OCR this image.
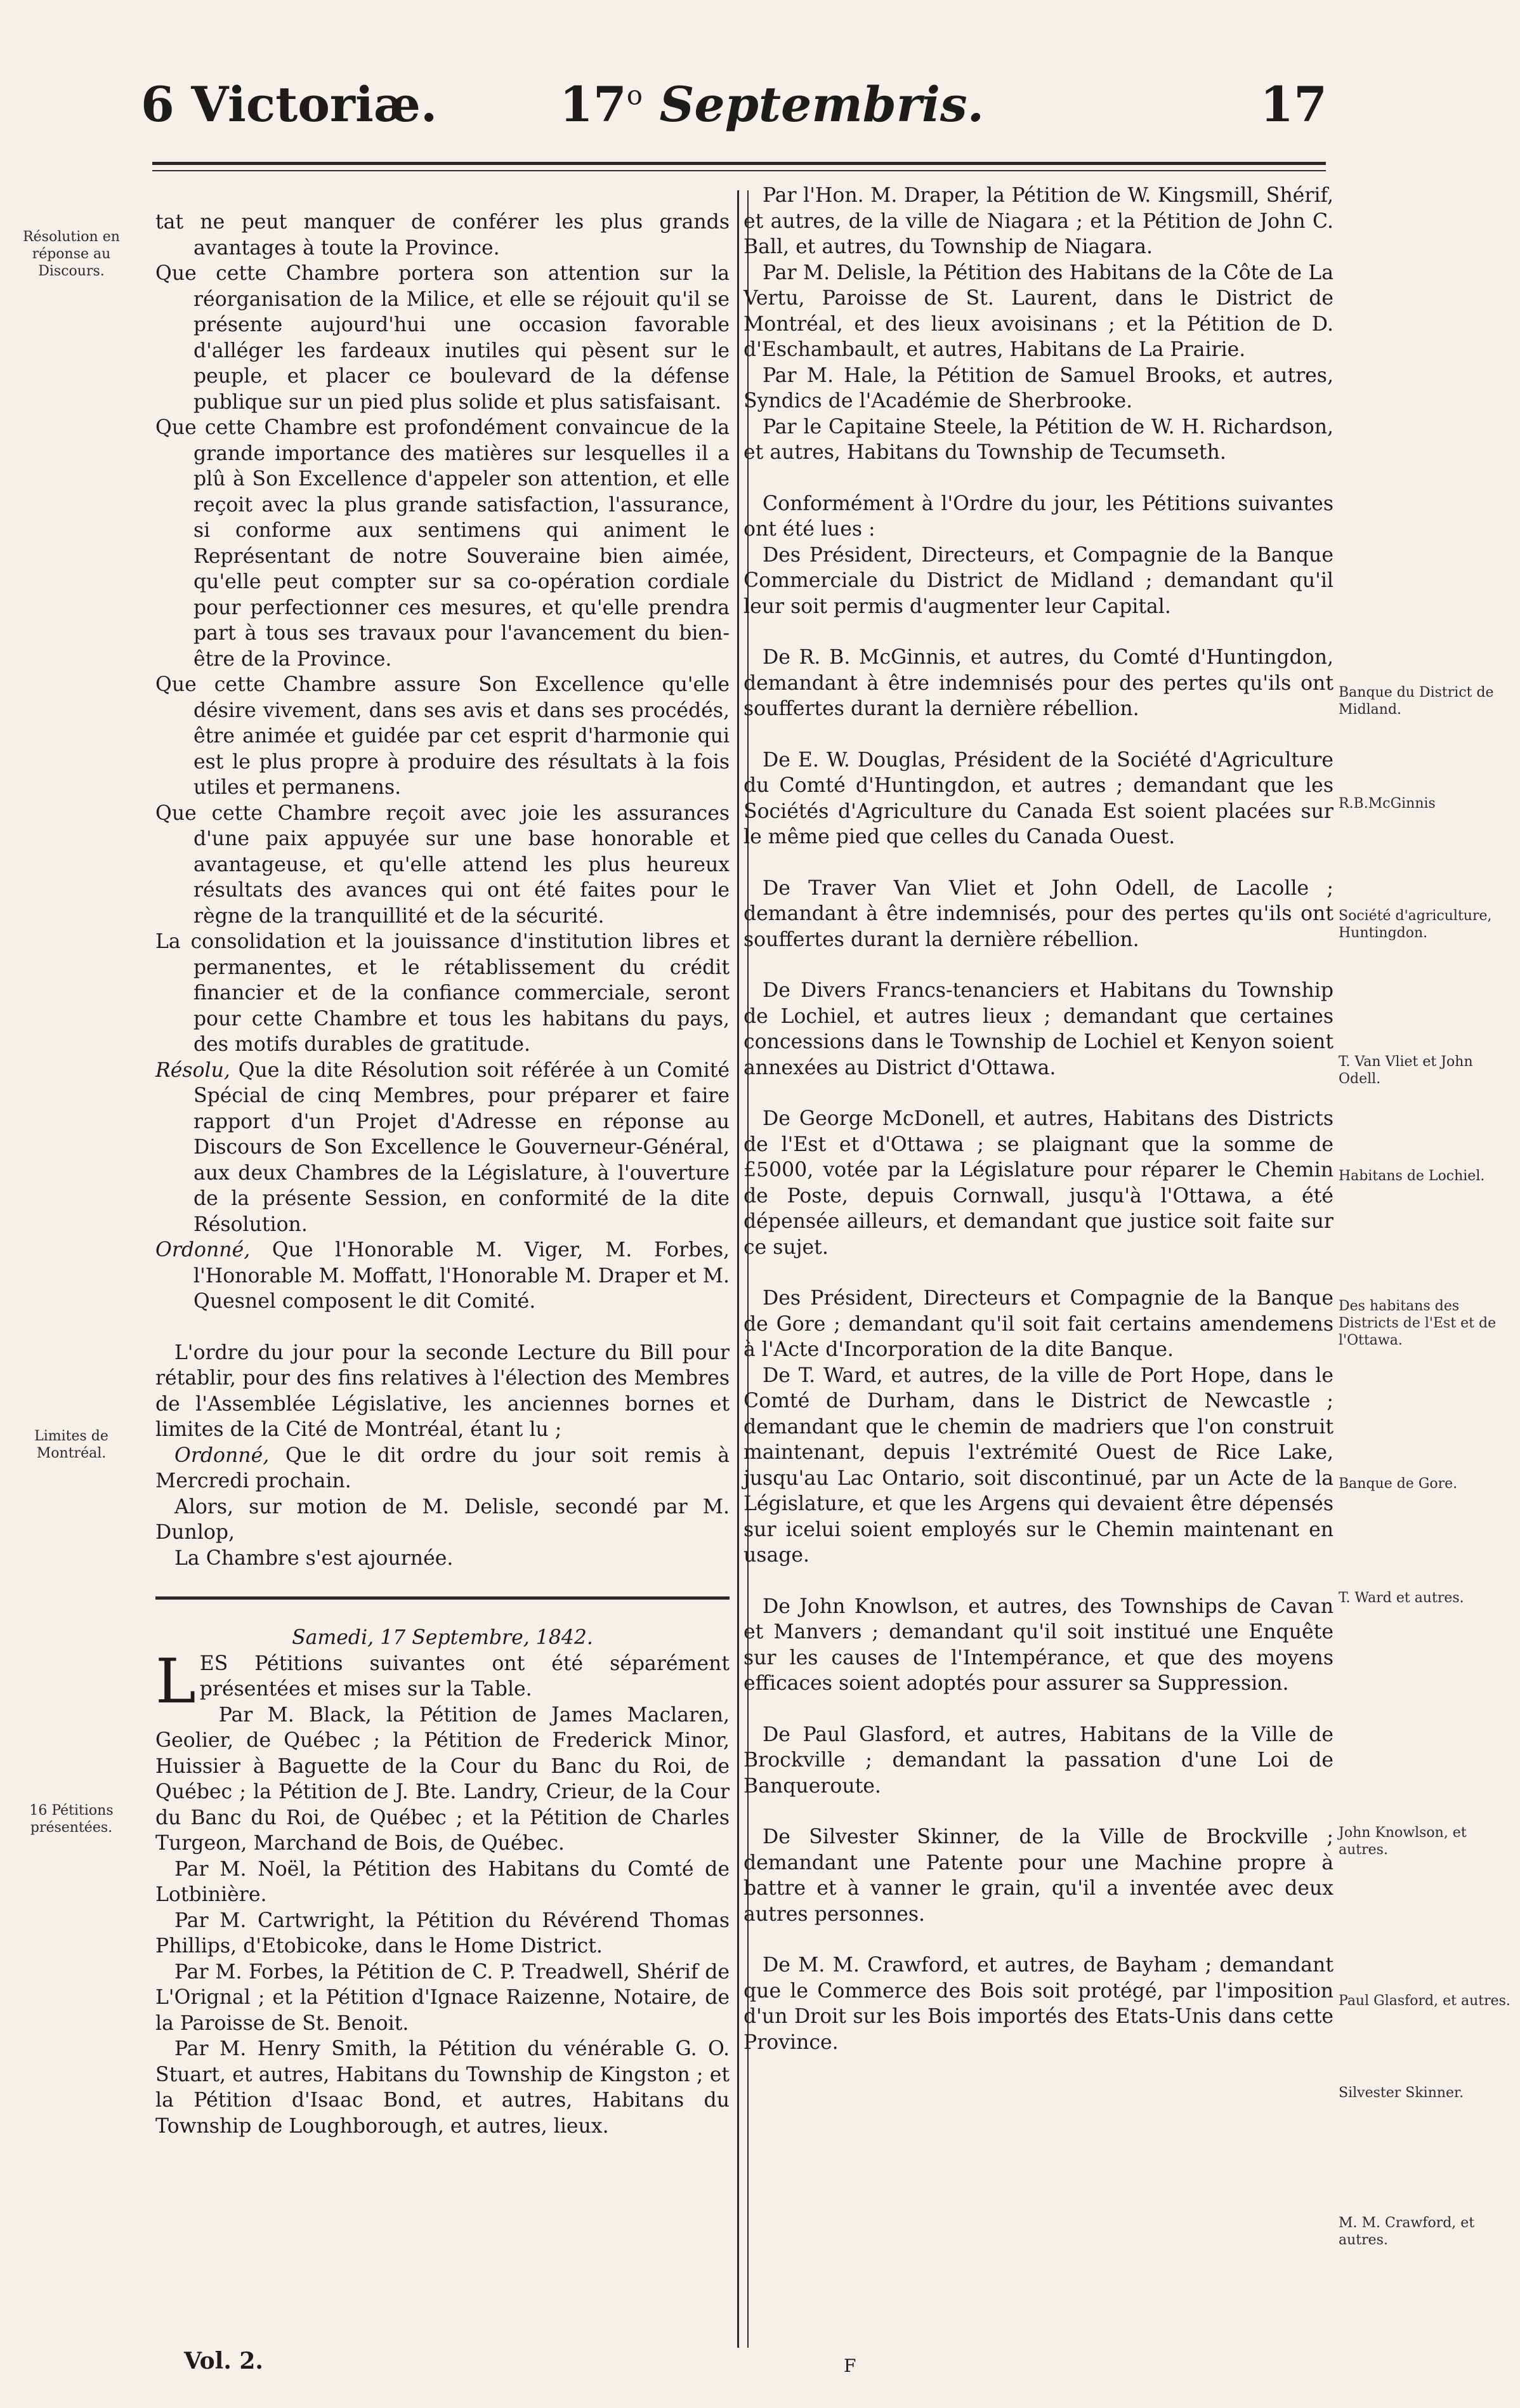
6 Victoriæ.	17$^o$ Septembris.	17
Résolution en réponse au Discours.
Limites de Montréal.
16 Pétitions présentées.
Banque du District de Midland.
R.B.McGinnis
Société d'agriculture, Huntingdon.
T. Van Vliet et John Odell.
Habitans de Lochiel.
Des habitans des Districts de l'Est et de l'Ottawa.
Banque de Gore.
T. Ward et autres.
John Knowlson, et autres.
Paul Glasford, et autres.
Silvester Skinner.
M. M. Crawford, et autres.

tat ne peut manquer de conférer les plus grands avantages à toute la Province.

Que cette Chambre portera son attention sur la réorganisation de la Milice, et elle se réjouit qu'il se présente aujourd'hui une occasion favorable d'alléger les fardeaux inutiles qui pèsent sur le peuple, et placer ce boulevard de la défense publique sur un pied plus solide et plus satisfaisant.

Que cette Chambre est profondément convaincue de la grande importance des matières sur lesquelles il a plû à Son Excellence d'appeler son attention, et elle reçoit avec la plus grande satisfaction, l'assurance, si conforme aux sentimens qui animent le Représentant de notre Souveraine bien aimée, qu'elle peut compter sur sa co-opération cordiale pour perfectionner ces mesures, et qu'elle prendra part à tous ses travaux pour l'avancement du bien-être de la Province.

Que cette Chambre assure Son Excellence qu'elle désire vivement, dans ses avis et dans ses procédés, être animée et guidée par cet esprit d'harmonie qui est le plus propre à produire des résultats à la fois utiles et permanens.

Que cette Chambre reçoit avec joie les assurances d'une paix appuyée sur une base honorable et avantageuse, et qu'elle attend les plus heureux résultats des avances qui ont été faites pour le règne de la tranquillité et de la sécurité.

La consolidation et la jouissance d'institution libres et permanentes, et le rétablissement du crédit financier et de la confiance commerciale, seront pour cette Chambre et tous les habitans du pays, des motifs durables de gratitude.

Résolu, Que la dite Résolution soit référée à un Comité Spécial de cinq Membres, pour préparer et faire rapport d'un Projet d'Adresse en réponse au Discours de Son Excellence le Gouverneur-Général, aux deux Chambres de la Législature, à l'ouverture de la présente Session, en conformité de la dite Résolution.

Ordonné, Que l'Honorable M. Viger, M. Forbes, l'Honorable M. Moffatt, l'Honorable M. Draper et M. Quesnel composent le dit Comité.

L'ordre du jour pour la seconde Lecture du Bill pour rétablir, pour des fins relatives à l'élection des Membres de l'Assemblée Législative, les anciennes bornes et limites de la Cité de Montréal, étant lu ;

Ordonné, Que le dit ordre du jour soit remis à Mercredi prochain.

Alors, sur motion de M. Delisle, secondé par M. Dunlop,

La Chambre s'est ajournée.

Samedi, 17 Septembre, 1842.

LES Pétitions suivantes ont été séparément présentées et mises sur la Table.

Par M. Black, la Pétition de James Maclaren, Geolier, de Québec ; la Pétition de Frederick Minor, Huissier à Baguette de la Cour du Banc du Roi, de Québec ; la Pétition de J. Bte. Landry, Crieur, de la Cour du Banc du Roi, de Québec ; et la Pétition de Charles Turgeon, Marchand de Bois, de Québec.

Par M. Noël, la Pétition des Habitans du Comté de Lotbinière.

Par M. Cartwright, la Pétition du Révérend Thomas Phillips, d'Etobicoke, dans le Home District.

Par M. Forbes, la Pétition de C. P. Treadwell, Shérif de L'Orignal ; et la Pétition d'Ignace Raizenne, Notaire, de la Paroisse de St. Benoit.

Par M. Henry Smith, la Pétition du vénérable G. O. Stuart, et autres, Habitans du Township de Kingston ; et la Pétition d'Isaac Bond, et autres, Habitans du Township de Loughborough, et autres, lieux.

Par l'Hon. M. Draper, la Pétition de W. Kingsmill, Shérif, et autres, de la ville de Niagara ; et la Pétition de John C. Ball, et autres, du Township de Niagara.

Par M. Delisle, la Pétition des Habitans de la Côte de La Vertu, Paroisse de St. Laurent, dans le District de Montréal, et des lieux avoisinans ; et la Pétition de D. d'Eschambault, et autres, Habitans de La Prairie.

Par M. Hale, la Pétition de Samuel Brooks, et autres, Syndics de l'Académie de Sherbrooke.

Par le Capitaine Steele, la Pétition de W. H. Richardson, et autres, Habitans du Township de Tecumseth.

Conformément à l'Ordre du jour, les Pétitions suivantes ont été lues :

Des Président, Directeurs, et Compagnie de la Banque Commerciale du District de Midland ; demandant qu'il leur soit permis d'augmenter leur Capital.

De R. B. McGinnis, et autres, du Comté d'Huntingdon, demandant à être indemnisés pour des pertes qu'ils ont souffertes durant la dernière rébellion.

De E. W. Douglas, Président de la Société d'Agriculture du Comté d'Huntingdon, et autres ; demandant que les Sociétés d'Agriculture du Canada Est soient placées sur le même pied que celles du Canada Ouest.

De Traver Van Vliet et John Odell, de Lacolle ; demandant à être indemnisés, pour des pertes qu'ils ont souffertes durant la dernière rébellion.

De Divers Francs-tenanciers et Habitans du Township de Lochiel, et autres lieux ; demandant que certaines concessions dans le Township de Lochiel et Kenyon soient annexées au District d'Ottawa.

De George McDonell, et autres, Habitans des Districts de l'Est et d'Ottawa ; se plaignant que la somme de £5000, votée par la Législature pour réparer le Chemin de Poste, depuis Cornwall, jusqu'à l'Ottawa, a été dépensée ailleurs, et demandant que justice soit faite sur ce sujet.

Des Président, Directeurs et Compagnie de la Banque de Gore ; demandant qu'il soit fait certains amendemens à l'Acte d'Incorporation de la dite Banque.

De T. Ward, et autres, de la ville de Port Hope, dans le Comté de Durham, dans le District de Newcastle ; demandant que le chemin de madriers que l'on construit maintenant, depuis l'extrémité Ouest de Rice Lake, jusqu'au Lac Ontario, soit discontinué, par un Acte de la Législature, et que les Argens qui devaient être dépensés sur icelui soient employés sur le Chemin maintenant en usage.

De John Knowlson, et autres, des Townships de Cavan et Manvers ; demandant qu'il soit institué une Enquête sur les causes de l'Intempérance, et que des moyens efficaces soient adoptés pour assurer sa Suppression.

De Paul Glasford, et autres, Habitans de la Ville de Brockville ; demandant la passation d'une Loi de Banqueroute.

De Silvester Skinner, de la Ville de Brockville ; demandant une Patente pour une Machine propre à battre et à vanner le grain, qu'il a inventée avec deux autres personnes.

De M. M. Crawford, et autres, de Bayham ; demandant que le Commerce des Bois soit protégé, par l'imposition d'un Droit sur les Bois importés des Etats-Unis dans cette Province.

Vol. 2.	F
